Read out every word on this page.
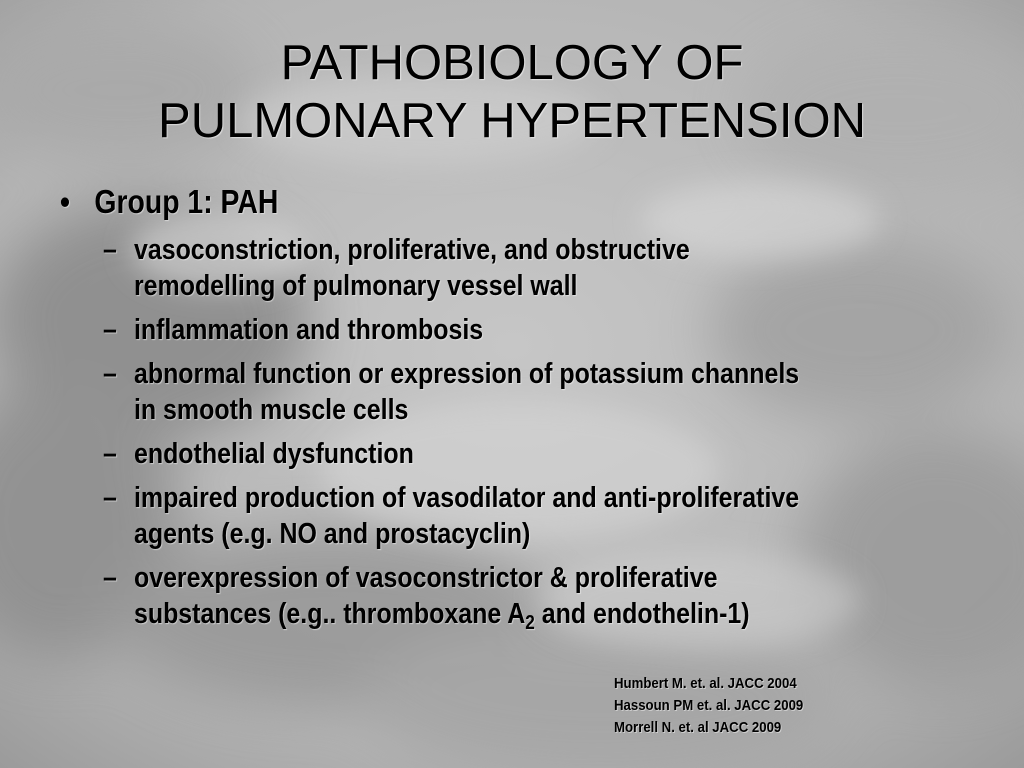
PATHOBIOLOGY OF
PULMONARY HYPERTENSION
• Group 1: PAH
– vasoconstriction, proliferative, and obstructive
remodelling of pulmonary vessel wall
– inflammation and thrombosis
– abnormal function or expression of potassium channels
in smooth muscle cells
– endothelial dysfunction
– impaired production of vasodilator and anti-proliferative
agents (e.g. NO and prostacyclin)
– overexpression of vasoconstrictor & proliferative
substances (e.g.. thromboxane $A_2$ and endothelin-1)
Humbert M. et. al. JACC 2004
Hassoun PM et. al. JACC 2009
Morrell N. et. al JACC 2009
